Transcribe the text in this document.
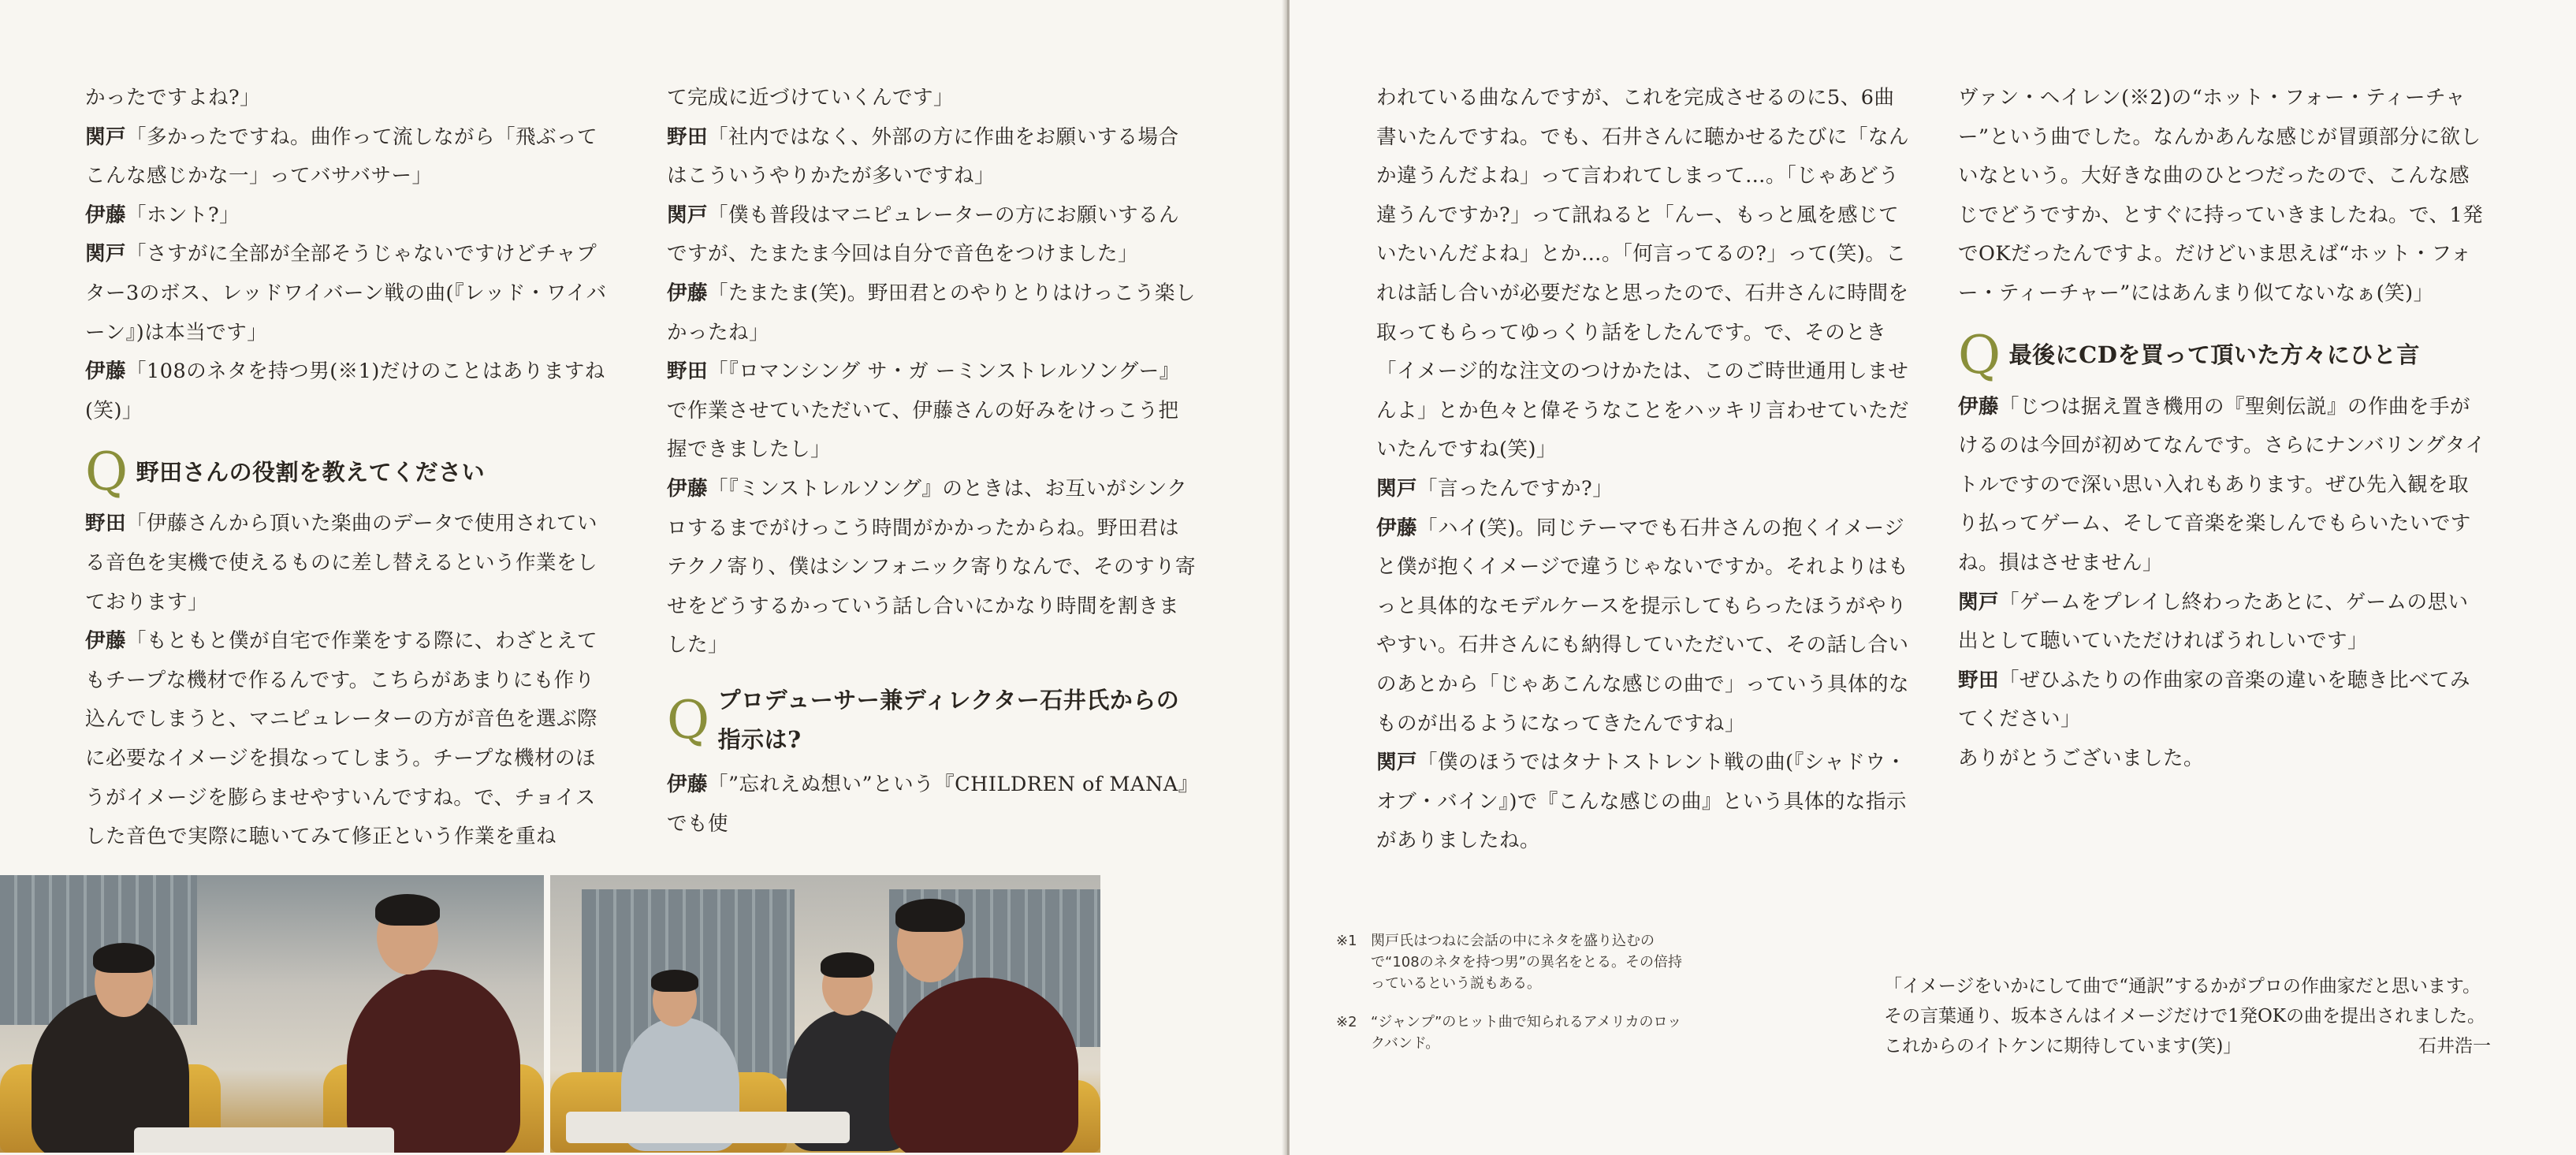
かったですよね?」

関戸「多かったですね。曲作って流しながら「飛ぶってこんな感じかな一」ってバサバサー」

伊藤「ホント?」

関戸「さすがに全部が全部そうじゃないですけどチャプター3のボス、レッドワイバーン戦の曲(『レッド・ワイバーン』)は本当です」

伊藤「108のネタを持つ男(※1)だけのことはありますね(笑)」

Q 野田さんの役割を教えてください

野田「伊藤さんから頂いた楽曲のデータで使用されている音色を実機で使えるものに差し替えるという作業をしております」

伊藤「もともと僕が自宅で作業をする際に、わざとえてもチープな機材で作るんです。こちらがあまりにも作り込んでしまうと、マニピュレーターの方が音色を選ぶ際に必要なイメージを損なってしまう。チープな機材のほうがイメージを膨らませやすいんですね。で、チョイスした音色で実際に聴いてみて修正という作業を重ね

て完成に近づけていくんです」

野田「社内ではなく、外部の方に作曲をお願いする場合はこういうやりかたが多いですね」

関戸「僕も普段はマニピュレーターの方にお願いするんですが、たまたま今回は自分で音色をつけました」

伊藤「たまたま(笑)。野田君とのやりとりはけっこう楽しかったね」

野田「『ロマンシング サ・ガ ーミンストレルソングー』で作業させていただいて、伊藤さんの好みをけっこう把握できましたし」

伊藤「『ミンストレルソング』のときは、お互いがシンクロするまでがけっこう時間がかかったからね。野田君はテクノ寄り、僕はシンフォニック寄りなんで、そのすり寄せをどうするかっていう話し合いにかなり時間を割きました」

Q プロデューサー兼ディレクター石井氏からの指示は?

伊藤「”忘れえぬ想い”という『CHILDREN of MANA』でも使

われている曲なんですが、これを完成させるのに5、6曲書いたんですね。でも、石井さんに聴かせるたびに「なんか違うんだよね」って言われてしまって…。「じゃあどう違うんですか?」って訊ねると「んー、もっと風を感じていたいんだよね」とか…。「何言ってるの?」って(笑)。これは話し合いが必要だなと思ったので、石井さんに時間を取ってもらってゆっくり話をしたんです。で、そのとき「イメージ的な注文のつけかたは、このご時世通用しませんよ」とか色々と偉そうなことをハッキリ言わせていただいたんですね(笑)」

関戸「言ったんですか?」

伊藤「ハイ(笑)。同じテーマでも石井さんの抱くイメージと僕が抱くイメージで違うじゃないですか。それよりはもっと具体的なモデルケースを提示してもらったほうがやりやすい。石井さんにも納得していただいて、その話し合いのあとから「じゃあこんな感じの曲で」っていう具体的なものが出るようになってきたんですね」

関戸「僕のほうではタナトストレント戦の曲(『シャドウ・オブ・バイン』)で『こんな感じの曲』という具体的な指示がありましたね。

ヴァン・ヘイレン(※2)の“ホット・フォー・ティーチャー”という曲でした。なんかあんな感じが冒頭部分に欲しいなという。大好きな曲のひとつだったので、こんな感じでどうですか、とすぐに持っていきましたね。で、1発でOKだったんですよ。だけどいま思えば“ホット・フォー・ティーチャー”にはあんまり似てないなぁ(笑)」

Q 最後にCDを買って頂いた方々にひと言

伊藤「じつは据え置き機用の『聖剣伝説』の作曲を手がけるのは今回が初めてなんです。さらにナンバリングタイトルですので深い思い入れもあります。ぜひ先入観を取り払ってゲーム、そして音楽を楽しんでもらいたいですね。損はさせません」

関戸「ゲームをプレイし終わったあとに、ゲームの思い出として聴いていただければうれしいです」

野田「ぜひふたりの作曲家の音楽の違いを聴き比べてみてください」

ありがとうございました。

※1 関戸氏はつねに会話の中にネタを盛り込むので“108のネタを持つ男”の異名をとる。その倍持っているという説もある。
※2 “ジャンプ”のヒット曲で知られるアメリカのロックバンド。

「イメージをいかにして曲で“通訳”するかがプロの作曲家だと思います。

その言葉通り、坂本さんはイメージだけで1発OKの曲を提出されました。

これからのイトケンに期待しています(笑)」	石井浩一
